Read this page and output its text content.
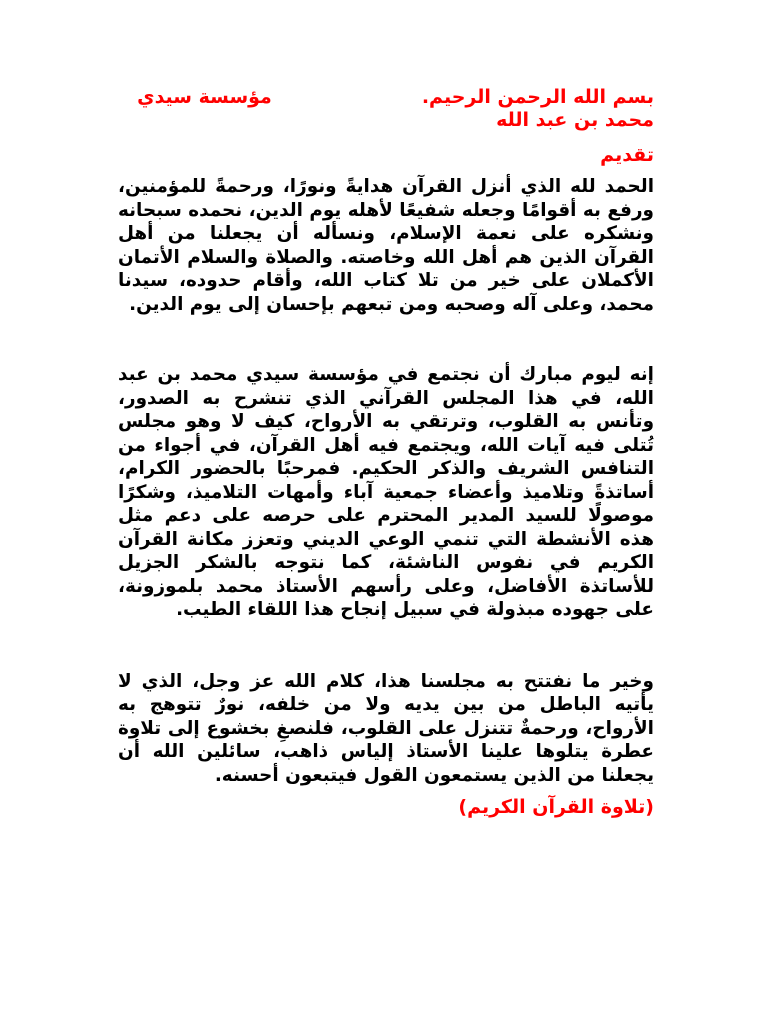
بسم الله الرحمن الرحيم.مؤسسة سيدي
محمد بن عبد الله
تقديم

الحمد لله الذي أنزل القرآن هدايةً ونورًا، ورحمةً للمؤمنين، ورفع به أقوامًا وجعله شفيعًا لأهله يوم الدين، نحمده سبحانه ونشكره على نعمة الإسلام، ونسأله أن يجعلنا من أهل القرآن الذين هم أهل الله وخاصته. والصلاة والسلام الأتمان الأكملان على خير من تلا كتاب الله، وأقام حدوده، سيدنا محمد، وعلى آله وصحبه ومن تبعهم بإحسان إلى يوم الدين.

إنه ليوم مبارك أن نجتمع في مؤسسة سيدي محمد بن عبد الله، في هذا المجلس القرآني الذي تنشرح به الصدور، وتأنس به القلوب، وترتقي به الأرواح، كيف لا وهو مجلس تُتلى فيه آيات الله، ويجتمع فيه أهل القرآن، في أجواء من التنافس الشريف والذكر الحكيم. فمرحبًا بالحضور الكرام، أساتذةً وتلاميذ وأعضاء جمعية آباء وأمهات التلاميذ، وشكرًا موصولًا للسيد المدير المحترم على حرصه على دعم مثل هذه الأنشطة التي تنمي الوعي الديني وتعزز مكانة القرآن الكريم في نفوس الناشئة، كما نتوجه بالشكر الجزيل للأساتذة الأفاضل، وعلى رأسهم الأستاذ محمد بلموزونة، على جهوده مبذولة في سبيل إنجاح هذا اللقاء الطيب.

وخير ما نفتتح به مجلسنا هذا، كلام الله عز وجل، الذي لا يأتيه الباطل من بين يديه ولا من خلفه، نورٌ تتوهج به الأرواح، ورحمةٌ تتنزل على القلوب، فلنصغِ بخشوع إلى تلاوة عطرة يتلوها علينا الأستاذ إلياس ذاهب، سائلين الله أن يجعلنا من الذين يستمعون القول فيتبعون أحسنه.

(تلاوة القرآن الكريم)
